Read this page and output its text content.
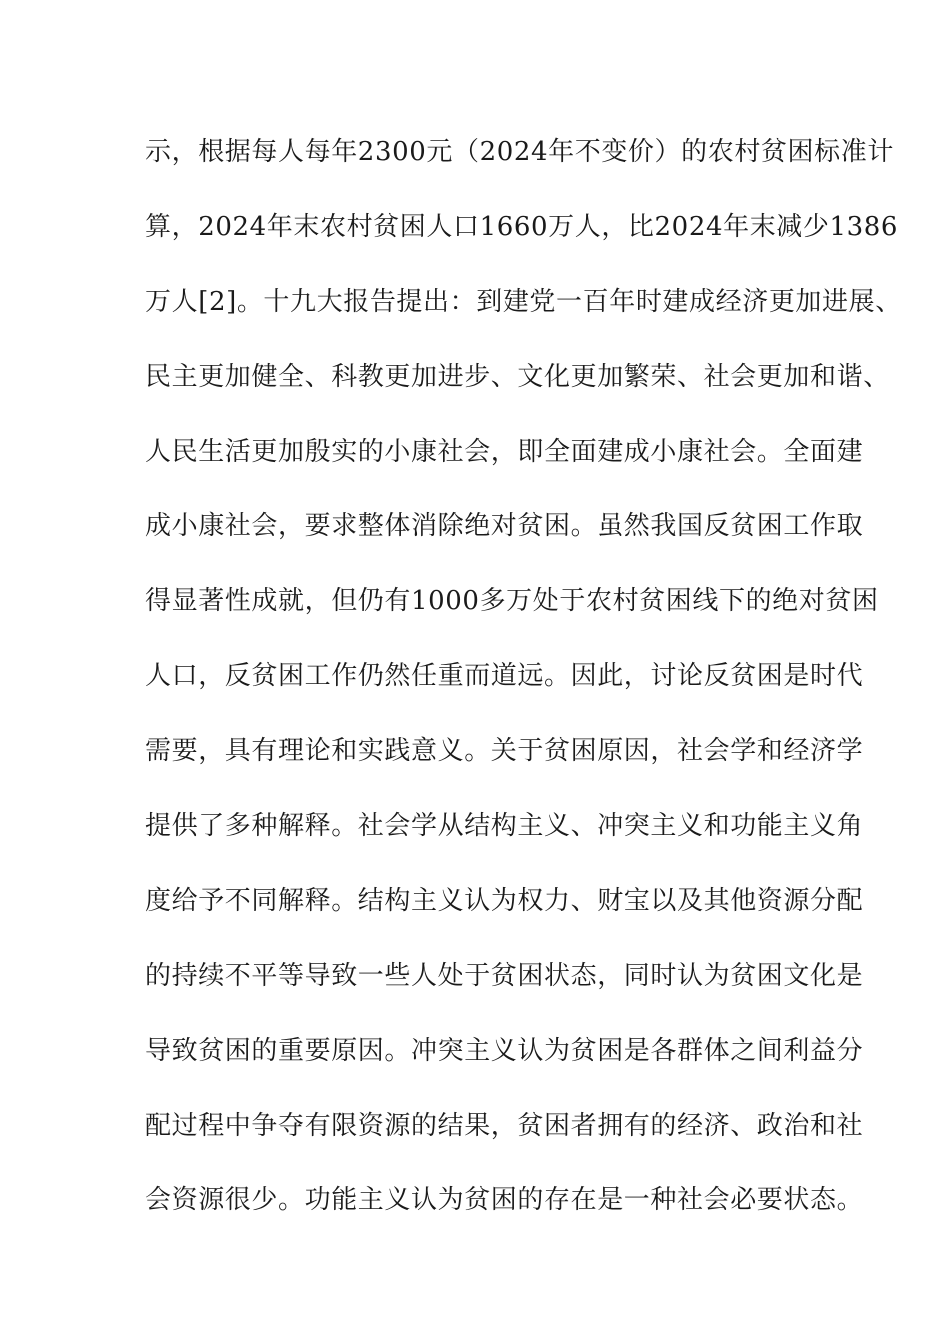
示，根据每人每年2300元（2024年不变价）的农村贫困标准计
算，2024年末农村贫困人口1660万人，比2024年末减少1386
万人[2]。十九大报告提出：到建党一百年时建成经济更加进展、
民主更加健全、科教更加进步、文化更加繁荣、社会更加和谐、
人民生活更加殷实的小康社会，即全面建成小康社会。全面建
成小康社会，要求整体消除绝对贫困。虽然我国反贫困工作取
得显著性成就，但仍有1000多万处于农村贫困线下的绝对贫困
人口，反贫困工作仍然任重而道远。因此，讨论反贫困是时代
需要，具有理论和实践意义。关于贫困原因，社会学和经济学
提供了多种解释。社会学从结构主义、冲突主义和功能主义角
度给予不同解释。结构主义认为权力、财宝以及其他资源分配
的持续不平等导致一些人处于贫困状态，同时认为贫困文化是
导致贫困的重要原因。冲突主义认为贫困是各群体之间利益分
配过程中争夺有限资源的结果，贫困者拥有的经济、政治和社
会资源很少。功能主义认为贫困的存在是一种社会必要状态。
